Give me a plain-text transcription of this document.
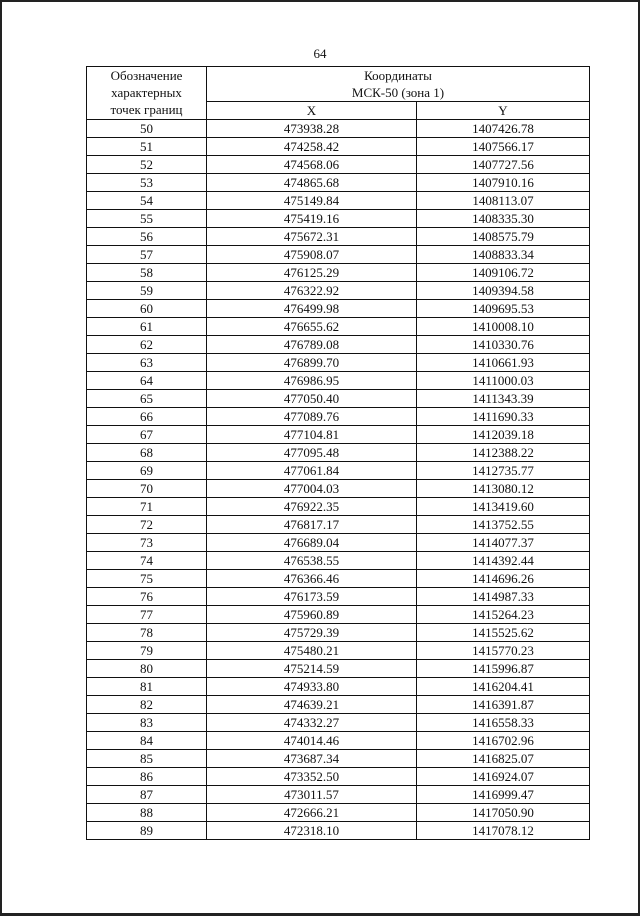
64
Обозначение
характерных
точек границ	Координаты
МСК-50 (зона 1)	
	X	Y
50	473938.28	1407426.78
51	474258.42	1407566.17
52	474568.06	1407727.56
53	474865.68	1407910.16
54	475149.84	1408113.07
55	475419.16	1408335.30
56	475672.31	1408575.79
57	475908.07	1408833.34
58	476125.29	1409106.72
59	476322.92	1409394.58
60	476499.98	1409695.53
61	476655.62	1410008.10
62	476789.08	1410330.76
63	476899.70	1410661.93
64	476986.95	1411000.03
65	477050.40	1411343.39
66	477089.76	1411690.33
67	477104.81	1412039.18
68	477095.48	1412388.22
69	477061.84	1412735.77
70	477004.03	1413080.12
71	476922.35	1413419.60
72	476817.17	1413752.55
73	476689.04	1414077.37
74	476538.55	1414392.44
75	476366.46	1414696.26
76	476173.59	1414987.33
77	475960.89	1415264.23
78	475729.39	1415525.62
79	475480.21	1415770.23
80	475214.59	1415996.87
81	474933.80	1416204.41
82	474639.21	1416391.87
83	474332.27	1416558.33
84	474014.46	1416702.96
85	473687.34	1416825.07
86	473352.50	1416924.07
87	473011.57	1416999.47
88	472666.21	1417050.90
89	472318.10	1417078.12
